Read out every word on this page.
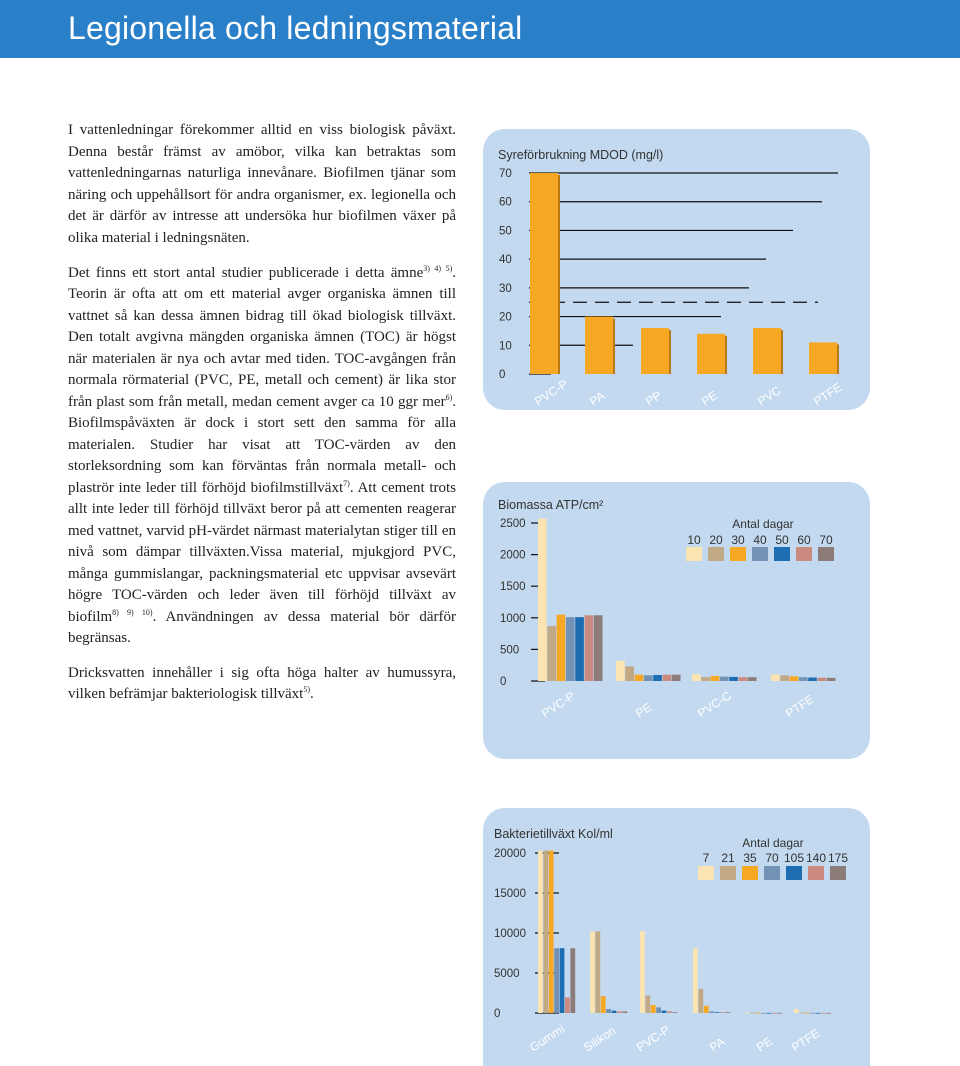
Legionella och ledningsmaterial

I vattenledningar förekommer alltid en viss biologisk påväxt. Denna består främst av amöbor, vilka kan betraktas som vattenledningarnas naturliga innevånare. Biofilmen tjänar som näring och uppehållsort för andra organismer, ex. legionella och det är därför av intresse att undersöka hur biofilmen växer på olika material i ledningsnäten.

Det finns ett stort antal studier publicerade i detta ämne$^{3) 4) 5)}$. Teorin är ofta att om ett material avger organiska ämnen till vattnet så kan dessa ämnen bidrag till ökad biologisk tillväxt. Den totalt avgivna mängden organiska ämnen (TOC) är högst när materialen är nya och avtar med tiden. TOC-avgången från normala rörmaterial (PVC, PE, metall och cement) är lika stor från plast som från metall, medan cement avger ca 10 ggr mer$^{6)}$. Biofilmspåväxten är dock i stort sett den samma för alla materialen. Studier har visat att TOC-värden av den storleksordning som kan förväntas från normala metall- och plaströr inte leder till förhöjd biofilmstillväxt$^{7)}$. Att cement trots allt inte leder till förhöjd tillväxt beror på att cementen reagerar med vattnet, varvid pH-värdet närmast materialytan stiger till en nivå som dämpar tillväxten.Vissa material, mjukgjord PVC, många gummislangar, packningsmaterial etc uppvisar avsevärt högre TOC-värden och leder även till förhöjd tillväxt av biofilm$^{8) 9) 10)}$. Användningen av dessa material bör därför begränsas.

Dricksvatten innehåller i sig ofta höga halter av humussyra, vilken befrämjar bakteriologisk tillväxt$^{5)}$.

Syreförbrukning MDOD (mg/l)
0
10
20
30
40
50
60
70
PVC-P PA	PP	PE	PVC PTFE
Biomassa ATP/cm²
0
500
1000
1500
2000
2500
PVC-P	PE	PVC-C	PTFE
Antal dagar
10 20 30 40 50 60 70
Bakterietillväxt Kol/ml
0
5000
10000
15000
20000
Gummi Silikon PVC-P	PA PE PTFE
Antal dagar
7 21 35 70 105 140 175
